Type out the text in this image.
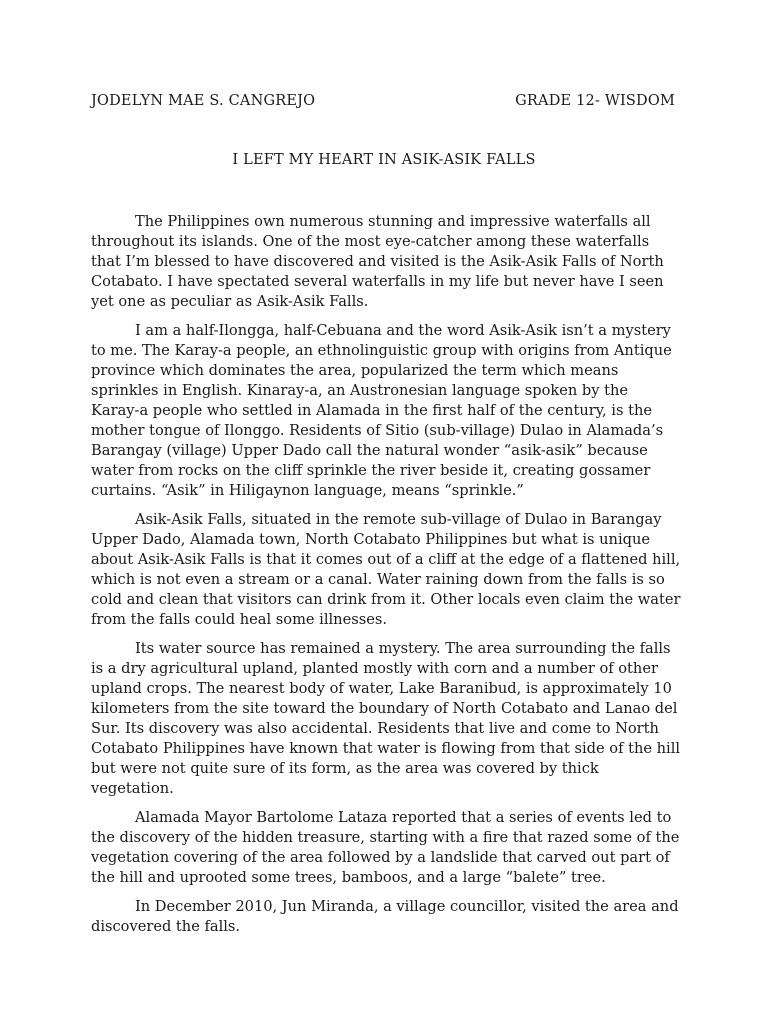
JODELYN MAE S. CANGREJO	GRADE 12- WISDOM
I LEFT MY HEART IN ASIK-ASIK FALLS

The Philippines own numerous stunning and impressive waterfalls all throughout its islands. One of the most eye-catcher among these waterfalls that I’m blessed to have discovered and visited is the Asik-Asik Falls of North Cotabato. I have spectated several waterfalls in my life but never have I seen yet one as peculiar as Asik-Asik Falls.

I am a half-Ilongga, half-Cebuana and the word Asik-Asik isn’t a mystery to me. The Karay-a people, an ethnolinguistic group with origins from Antique province which dominates the area, popularized the term which means sprinkles in English. Kinaray-a, an Austronesian language spoken by the Karay-a people who settled in Alamada in the first half of the century, is the mother tongue of Ilonggo. Residents of Sitio (sub-village) Dulao in Alamada’s Barangay (village) Upper Dado call the natural wonder “asik-asik” because water from rocks on the cliff sprinkle the river beside it, creating gossamer curtains. “Asik” in Hiligaynon language, means “sprinkle.”

Asik-Asik Falls, situated in the remote sub-village of Dulao in Barangay Upper Dado, Alamada town, North Cotabato Philippines but what is unique about Asik-Asik Falls is that it comes out of a cliff at the edge of a flattened hill, which is not even a stream or a canal. Water raining down from the falls is so cold and clean that visitors can drink from it. Other locals even claim the water from the falls could heal some illnesses.

Its water source has remained a mystery. The area surrounding the falls is a dry agricultural upland, planted mostly with corn and a number of other upland crops. The nearest body of water, Lake Baranibud, is approximately 10 kilometers from the site toward the boundary of North Cotabato and Lanao del Sur. Its discovery was also accidental. Residents that live and come to North Cotabato Philippines have known that water is flowing from that side of the hill but were not quite sure of its form, as the area was covered by thick vegetation.

Alamada Mayor Bartolome Lataza reported that a series of events led to the discovery of the hidden treasure, starting with a fire that razed some of the vegetation covering of the area followed by a landslide that carved out part of the hill and uprooted some trees, bamboos, and a large “balete” tree.

In December 2010, Jun Miranda, a village councillor, visited the area and discovered the falls.
